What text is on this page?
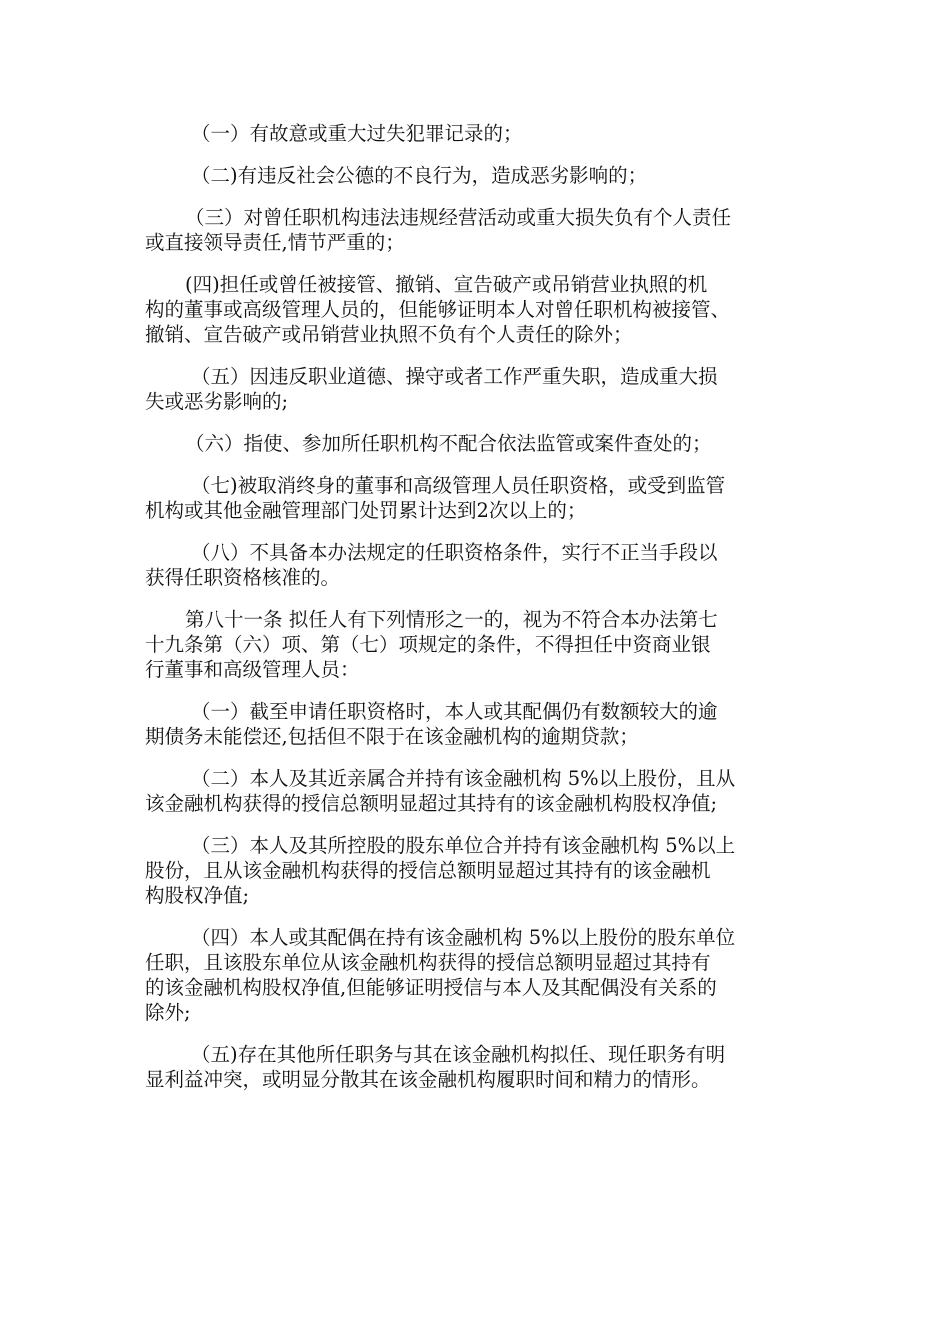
（一）有故意或重大过失犯罪记录的；

（二)有违反社会公德的不良行为，造成恶劣影响的；

（三）对曾任职机构违法违规经营活动或重大损失负有个人责任
或直接领导责任,情节严重的；

(四)担任或曾任被接管、撤销、宣告破产或吊销营业执照的机
构的董事或高级管理人员的，但能够证明本人对曾任职机构被接管、
撤销、宣告破产或吊销营业执照不负有个人责任的除外；

（五）因违反职业道德、操守或者工作严重失职，造成重大损
失或恶劣影响的;

（六）指使、参加所任职机构不配合依法监管或案件查处的；

（七)被取消终身的董事和高级管理人员任职资格，或受到监管
机构或其他金融管理部门处罚累计达到2次以上的；

（八）不具备本办法规定的任职资格条件，实行不正当手段以
获得任职资格核准的。

第八十一条 拟任人有下列情形之一的，视为不符合本办法第七
十九条第（六）项、第（七）项规定的条件，不得担任中资商业银
行董事和高级管理人员：

（一）截至申请任职资格时，本人或其配偶仍有数额较大的逾
期债务未能偿还,包括但不限于在该金融机构的逾期贷款；

（二）本人及其近亲属合并持有该金融机构 5%以上股份，且从
该金融机构获得的授信总额明显超过其持有的该金融机构股权净值;

（三）本人及其所控股的股东单位合并持有该金融机构 5%以上
股份，且从该金融机构获得的授信总额明显超过其持有的该金融机
构股权净值;

（四）本人或其配偶在持有该金融机构 5%以上股份的股东单位
任职，且该股东单位从该金融机构获得的授信总额明显超过其持有
的该金融机构股权净值,但能够证明授信与本人及其配偶没有关系的
除外;

（五)存在其他所任职务与其在该金融机构拟任、现任职务有明
显利益冲突，或明显分散其在该金融机构履职时间和精力的情形。
